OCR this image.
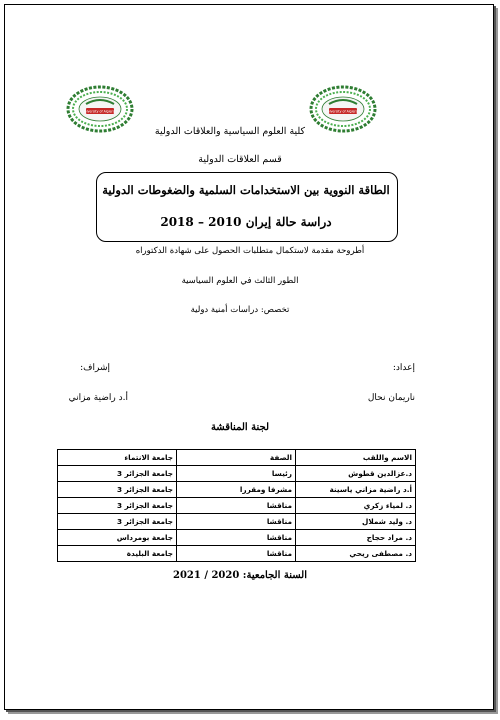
University of Algiers 3	University of Algiers 3
كلية العلوم السياسية والعلاقات الدولية
قسم العلاقات الدولية
الطاقة النووية بين الاستخدامات السلمية والضغوطات الدولية
دراسة حالة إيران 2010 – 2018
أطروحة مقدمة لاستكمال متطلبات الحصول على شهادة الدكتوراه
الطور الثالث في العلوم السياسية
تخصص: دراسات أمنية دولية
إعداد:
ناريمان نحال
إشراف:
أ.د راضية مزاني
لجنة المناقشة
الاسم واللقب	الصفة	جامعة الانتماء
د.عزالدين قطوش	رئيسا	جامعة الجزائر 3
أ.د راضية مزاني ياسينة	مشرفا ومقررا	جامعة الجزائر 3
د. لمياء زكري	مناقشا	جامعة الجزائر 3
د. وليد شملال	مناقشا	جامعة الجزائر 3
د. مراد حجاج	مناقشا	جامعة بومرداس
د. مصطفى ريحي	مناقشا	جامعة البليدة
السنة الجامعية: 2020 / 2021
